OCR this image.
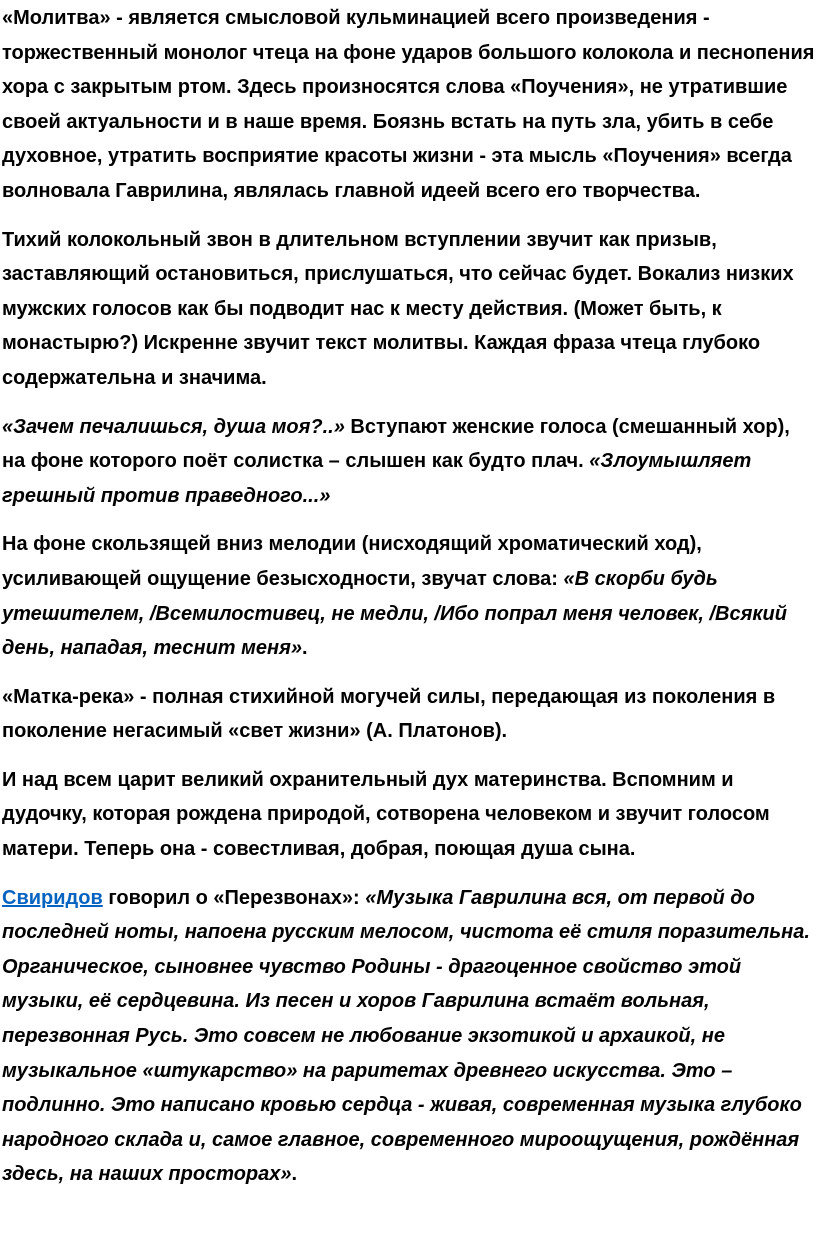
«Молитва» - является смысловой кульминацией всего произведения - торжественный монолог чтеца на фоне ударов большого колокола и песнопения хора с закрытым ртом. Здесь произносятся слова «Поучения», не утратившие своей актуальности и в наше время. Боязнь встать на путь зла, убить в себе духовное, утратить восприятие красоты жизни - эта мысль «Поучения» всегда волновала Гаврилина, являлась главной идеей всего его творчества.

Тихий колокольный звон в длительном вступлении звучит как призыв, заставляющий остановиться, прислушаться, что сейчас будет. Вокализ низких мужских голосов как бы подводит нас к месту действия. (Может быть, к монастырю?) Искренне звучит текст молитвы. Каждая фраза чтеца глубоко содержательна и значима.

«Зачем печалишься, душа моя?..» Вступают женские голоса (смешанный хор), на фоне которого поёт солистка – слышен как будто плач. «Злоумышляет грешный против праведного...»

На фоне скользящей вниз мелодии (нисходящий хроматический ход), усиливающей ощущение безысходности, звучат слова: «В скорби будь утешителем, /Всемилостивец, не медли, /Ибо попрал меня человек, /Всякий день, нападая, теснит меня».

«Матка-река» - полная стихийной могучей силы, передающая из поколения в поколение негасимый «свет жизни» (А. Платонов).

И над всем царит великий охранительный дух материнства. Вспомним и дудочку, которая рождена природой, сотворена человеком и звучит голосом матери. Теперь она - совестливая, добрая, поющая душа сына.

Свиридов говорил о «Перезвонах»: «Музыка Гаврилина вся, от первой до последней ноты, напоена русским мелосом, чистота её стиля поразительна. Органическое, сыновнее чувство Родины - драгоценное свойство этой музыки, её сердцевина. Из песен и хоров Гаврилина встаёт вольная, перезвонная Русь. Это совсем не любование экзотикой и архаикой, не музыкальное «штукарство» на раритетах древнего искусства. Это – подлинно. Это написано кровью сердца - живая, современная музыка глубоко народного склада и, самое главное, современного мироощущения, рождённая здесь, на наших просторах».
